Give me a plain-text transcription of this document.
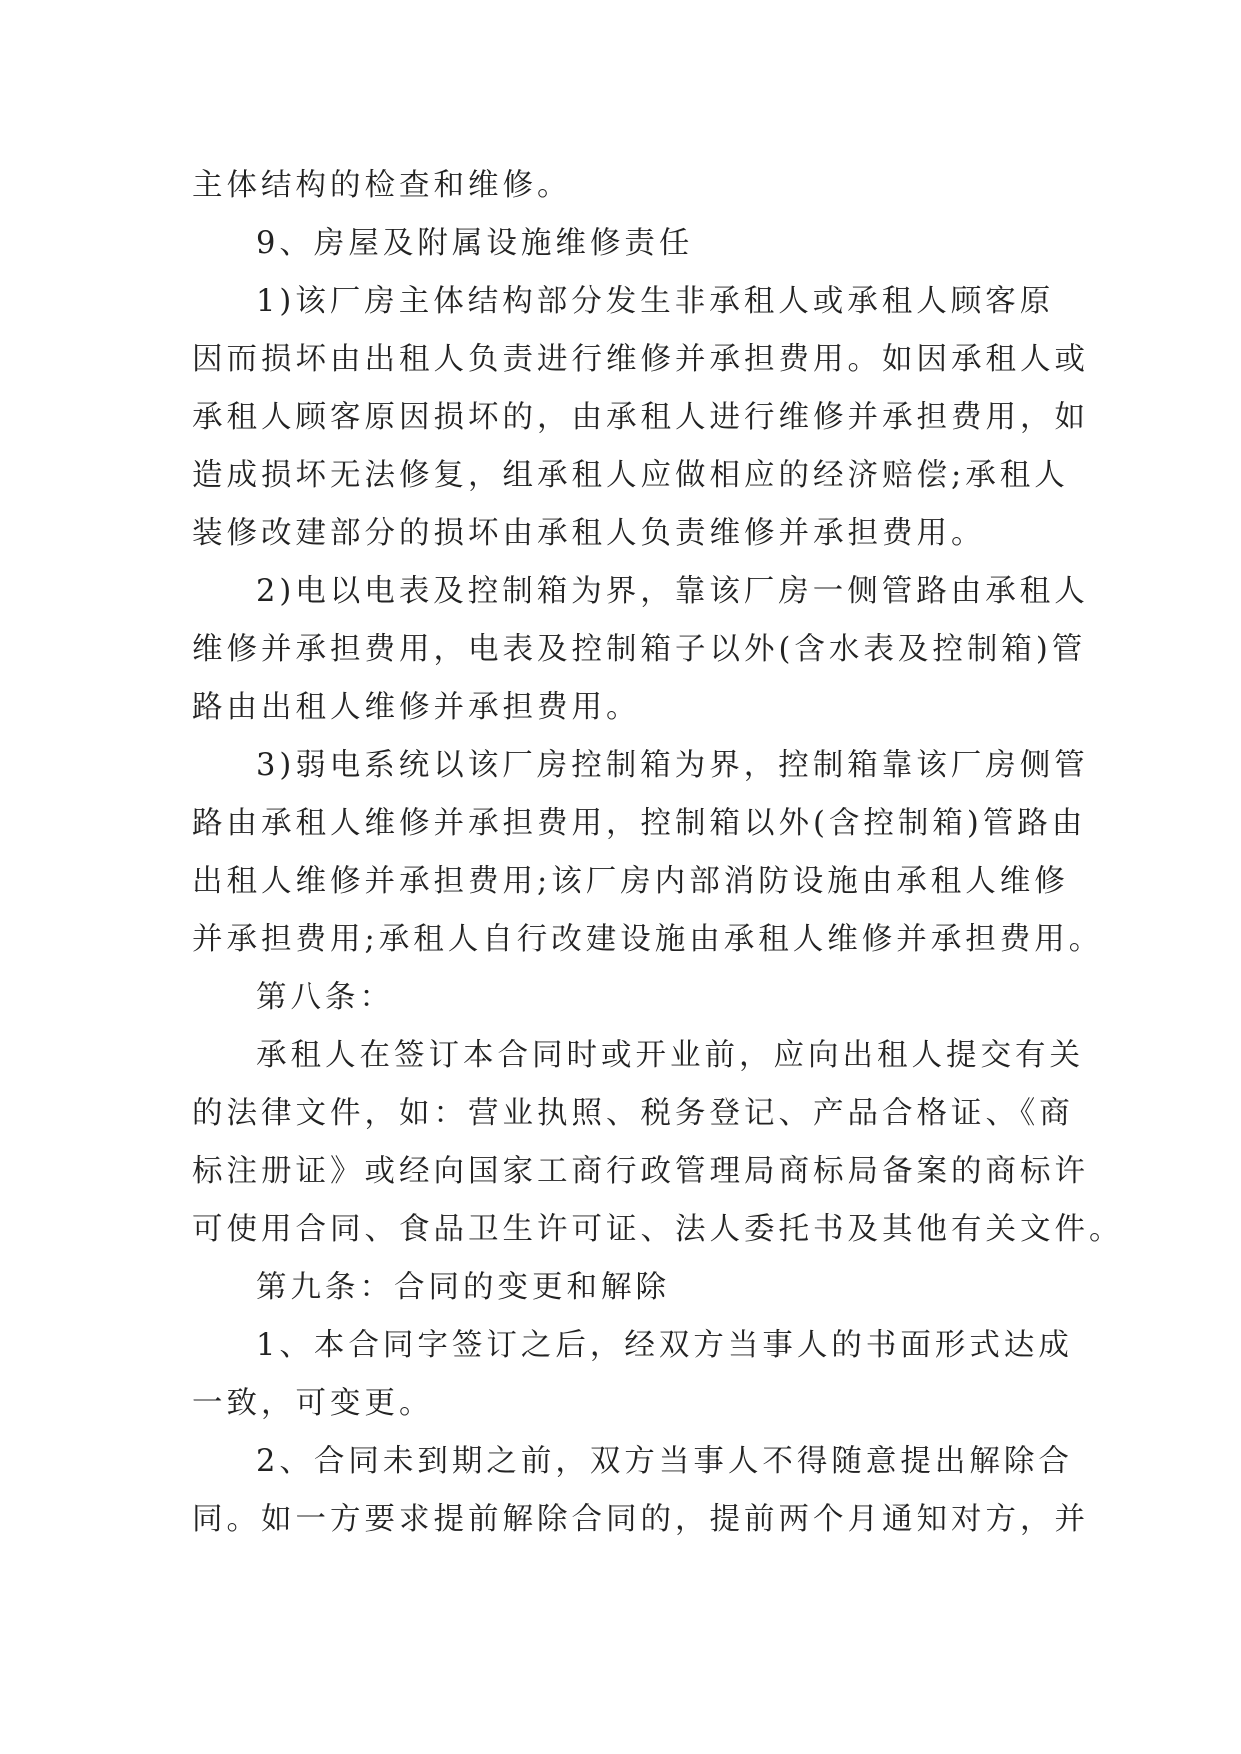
主体结构的检查和维修。
9、房屋及附属设施维修责任
1)该厂房主体结构部分发生非承租人或承租人顾客原
因而损坏由出租人负责进行维修并承担费用。如因承租人或
承租人顾客原因损坏的，由承租人进行维修并承担费用，如
造成损坏无法修复，组承租人应做相应的经济赔偿;承租人
装修改建部分的损坏由承租人负责维修并承担费用。
2)电以电表及控制箱为界，靠该厂房一侧管路由承租人
维修并承担费用，电表及控制箱子以外(含水表及控制箱)管
路由出租人维修并承担费用。
3)弱电系统以该厂房控制箱为界，控制箱靠该厂房侧管
路由承租人维修并承担费用，控制箱以外(含控制箱)管路由
出租人维修并承担费用;该厂房内部消防设施由承租人维修
并承担费用;承租人自行改建设施由承租人维修并承担费用。
第八条：
承租人在签订本合同时或开业前，应向出租人提交有关
的法律文件，如：营业执照、税务登记、产品合格证、《商
标注册证》或经向国家工商行政管理局商标局备案的商标许
可使用合同、食品卫生许可证、法人委托书及其他有关文件。
第九条：合同的变更和解除
1、本合同字签订之后，经双方当事人的书面形式达成
一致，可变更。
2、合同未到期之前，双方当事人不得随意提出解除合
同。如一方要求提前解除合同的，提前两个月通知对方，并
